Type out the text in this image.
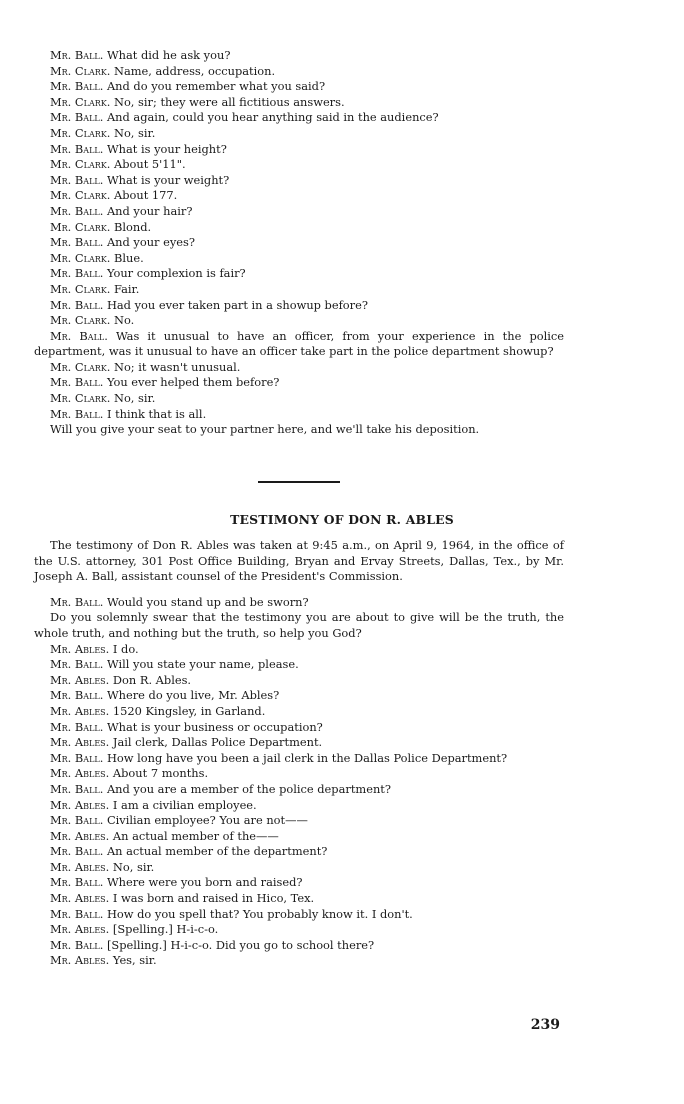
Mr. Ball. What did he ask you?

Mr. Clark. Name, address, occupation.

Mr. Ball. And do you remember what you said?

Mr. Clark. No, sir; they were all fictitious answers.

Mr. Ball. And again, could you hear anything said in the audience?

Mr. Clark. No, sir.

Mr. Ball. What is your height?

Mr. Clark. About 5'11".

Mr. Ball. What is your weight?

Mr. Clark. About 177.

Mr. Ball. And your hair?

Mr. Clark. Blond.

Mr. Ball. And your eyes?

Mr. Clark. Blue.

Mr. Ball. Your complexion is fair?

Mr. Clark. Fair.

Mr. Ball. Had you ever taken part in a showup before?

Mr. Clark. No.

Mr. Ball. Was it unusual to have an officer, from your experience in the police department, was it unusual to have an officer take part in the police department showup?

Mr. Clark. No; it wasn't unusual.

Mr. Ball. You ever helped them before?

Mr. Clark. No, sir.

Mr. Ball. I think that is all.

Will you give your seat to your partner here, and we'll take his deposition.

TESTIMONY OF DON R. ABLES

The testimony of Don R. Ables was taken at 9:45 a.m., on April 9, 1964, in the office of the U.S. attorney, 301 Post Office Building, Bryan and Ervay Streets, Dallas, Tex., by Mr. Joseph A. Ball, assistant counsel of the President's Commission.

Mr. Ball. Would you stand up and be sworn?

Do you solemnly swear that the testimony you are about to give will be the truth, the whole truth, and nothing but the truth, so help you God?

Mr. Ables. I do.

Mr. Ball. Will you state your name, please.

Mr. Ables. Don R. Ables.

Mr. Ball. Where do you live, Mr. Ables?

Mr. Ables. 1520 Kingsley, in Garland.

Mr. Ball. What is your business or occupation?

Mr. Ables. Jail clerk, Dallas Police Department.

Mr. Ball. How long have you been a jail clerk in the Dallas Police Department?

Mr. Ables. About 7 months.

Mr. Ball. And you are a member of the police department?

Mr. Ables. I am a civilian employee.

Mr. Ball. Civilian employee? You are not——

Mr. Ables. An actual member of the——

Mr. Ball. An actual member of the department?

Mr. Ables. No, sir.

Mr. Ball. Where were you born and raised?

Mr. Ables. I was born and raised in Hico, Tex.

Mr. Ball. How do you spell that? You probably know it. I don't.

Mr. Ables. [Spelling.] H-i-c-o.

Mr. Ball. [Spelling.] H-i-c-o. Did you go to school there?

Mr. Ables. Yes, sir.

239
